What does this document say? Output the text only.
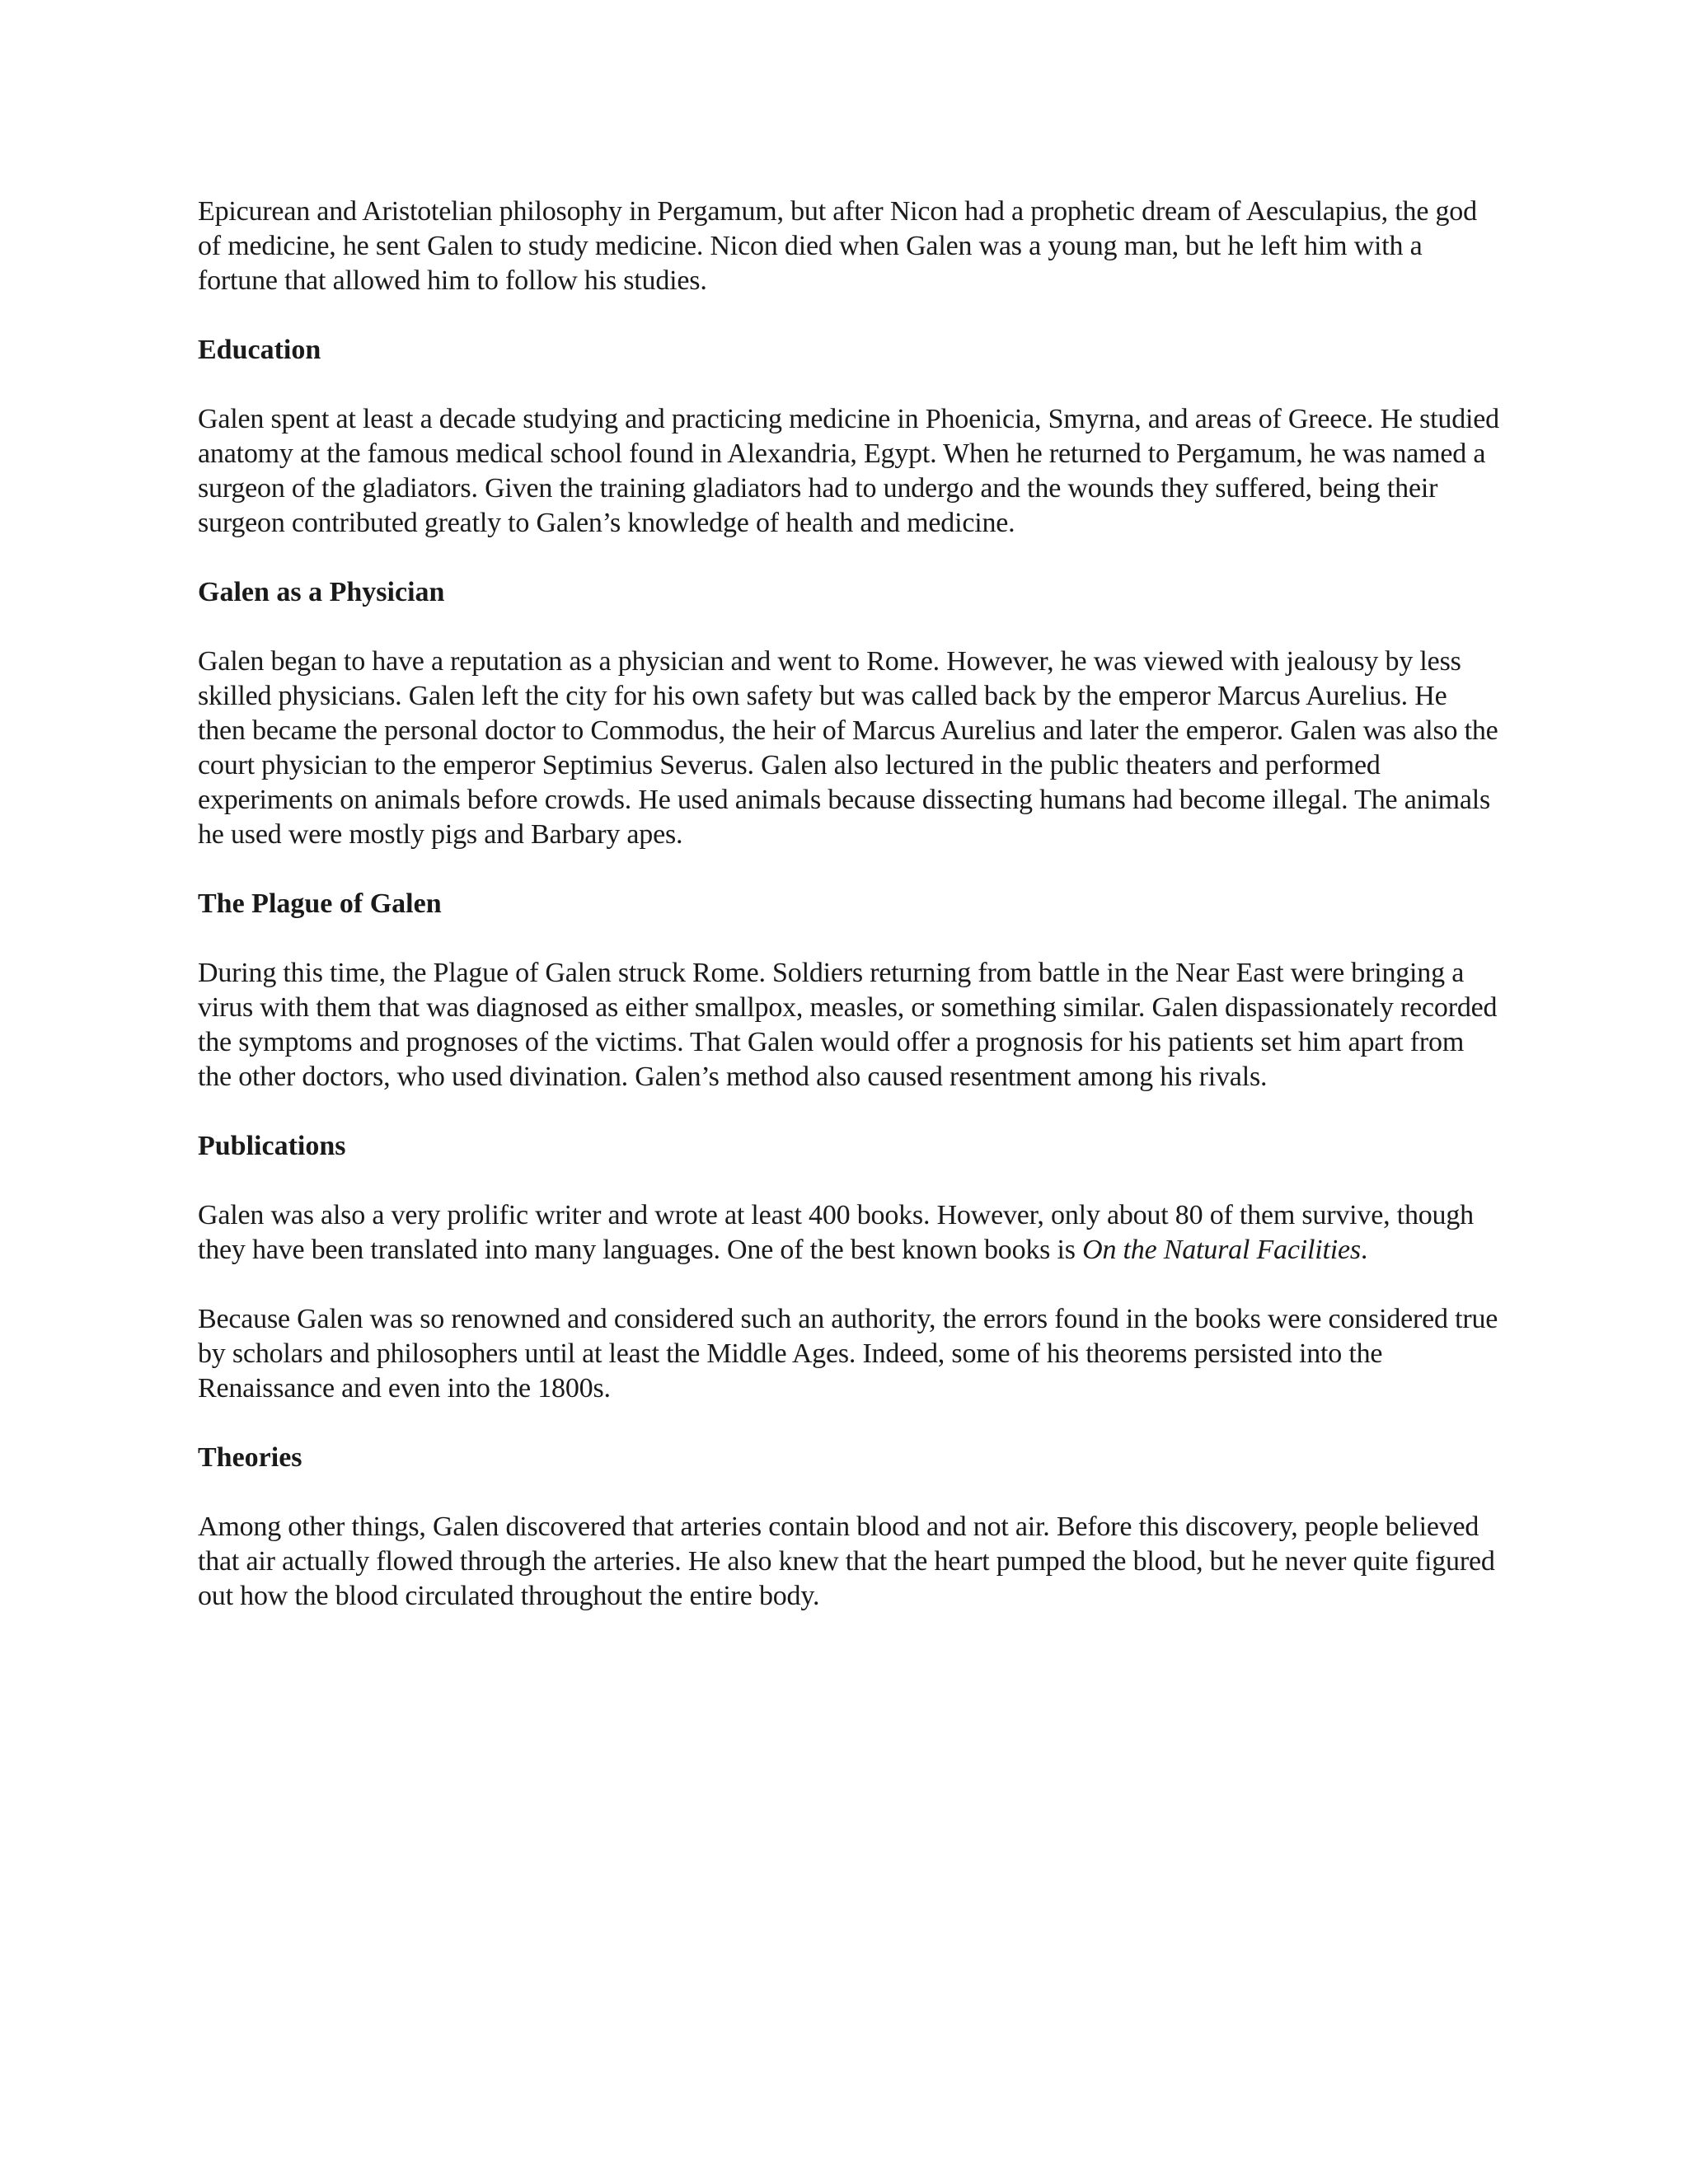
Epicurean and Aristotelian philosophy in Pergamum, but after Nicon had a prophetic dream of Aesculapius, the god of medicine, he sent Galen to study medicine. Nicon died when Galen was a young man, but he left him with a fortune that allowed him to follow his studies.

Education

Galen spent at least a decade studying and practicing medicine in Phoenicia, Smyrna, and areas of Greece. He studied anatomy at the famous medical school found in Alexandria, Egypt. When he returned to Pergamum, he was named a surgeon of the gladiators. Given the training gladiators had to undergo and the wounds they suffered, being their surgeon contributed greatly to Galen’s knowledge of health and medicine.

Galen as a Physician

Galen began to have a reputation as a physician and went to Rome. However, he was viewed with jealousy by less skilled physicians. Galen left the city for his own safety but was called back by the emperor Marcus Aurelius. He then became the personal doctor to Commodus, the heir of Marcus Aurelius and later the emperor. Galen was also the court physician to the emperor Septimius Severus. Galen also lectured in the public theaters and performed experiments on animals before crowds. He used animals because dissecting humans had become illegal. The animals he used were mostly pigs and Barbary apes.

The Plague of Galen

During this time, the Plague of Galen struck Rome. Soldiers returning from battle in the Near East were bringing a virus with them that was diagnosed as either smallpox, measles, or something similar. Galen dispassionately recorded the symptoms and prognoses of the victims. That Galen would offer a prognosis for his patients set him apart from the other doctors, who used divination. Galen’s method also caused resentment among his rivals.

Publications

Galen was also a very prolific writer and wrote at least 400 books. However, only about 80 of them survive, though they have been translated into many languages. One of the best known books is On the Natural Facilities.

Because Galen was so renowned and considered such an authority, the errors found in the books were considered true by scholars and philosophers until at least the Middle Ages. Indeed, some of his theorems persisted into the Renaissance and even into the 1800s.

Theories

Among other things, Galen discovered that arteries contain blood and not air. Before this discovery, people believed that air actually flowed through the arteries. He also knew that the heart pumped the blood, but he never quite figured out how the blood circulated throughout the entire body.
